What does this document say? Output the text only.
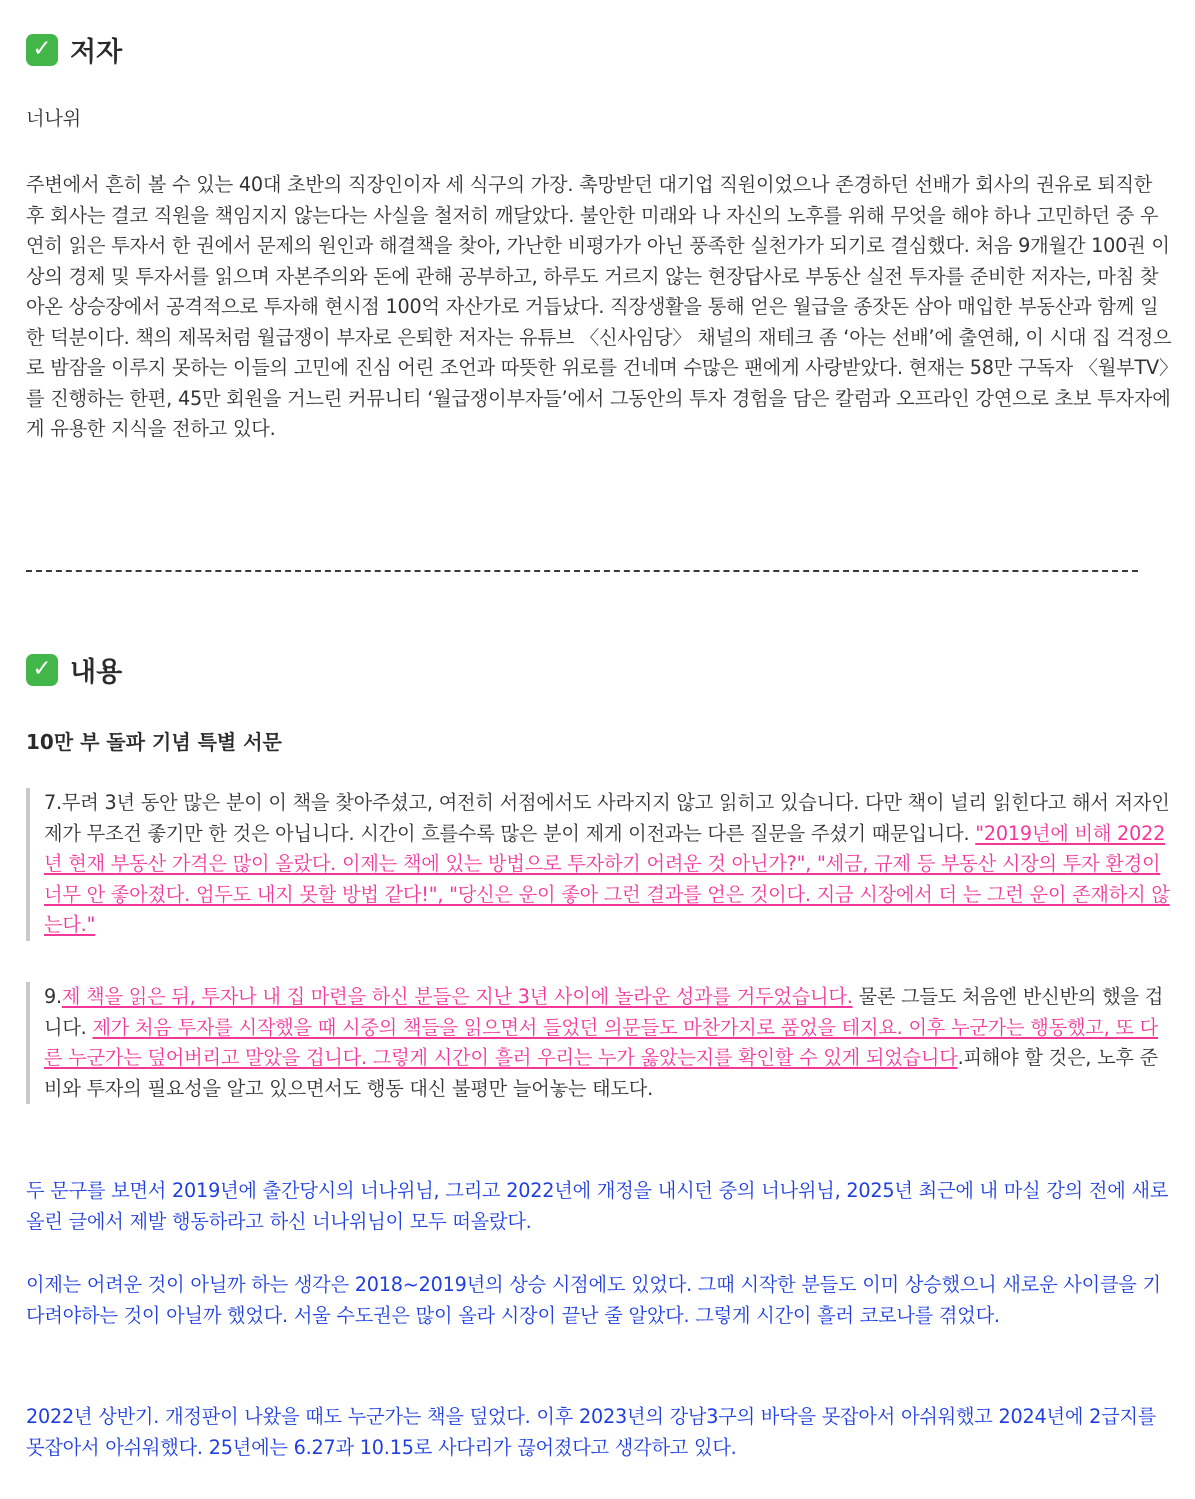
✓ 저자
너나위
주변에서 흔히 볼 수 있는 40대 초반의 직장인이자 세 식구의 가장. 촉망받던 대기업 직원이었으나 존경하던 선배가 회사의 권유로 퇴직한 후 회사는 결코 직원을 책임지지 않는다는 사실을 철저히 깨달았다. 불안한 미래와 나 자신의 노후를 위해 무엇을 해야 하나 고민하던 중 우연히 읽은 투자서 한 권에서 문제의 원인과 해결책을 찾아, 가난한 비평가가 아닌 풍족한 실천가가 되기로 결심했다. 처음 9개월간 100권 이상의 경제 및 투자서를 읽으며 자본주의와 돈에 관해 공부하고, 하루도 거르지 않는 현장답사로 부동산 실전 투자를 준비한 저자는, 마침 찾아온 상승장에서 공격적으로 투자해 현시점 100억 자산가로 거듭났다. 직장생활을 통해 얻은 월급을 종잣돈 삼아 매입한 부동산과 함께 일한 덕분이다. 책의 제목처럼 월급쟁이 부자로 은퇴한 저자는 유튜브 〈신사임당〉 채널의 재테크 좀 ‘아는 선배’에 출연해, 이 시대 집 걱정으로 밤잠을 이루지 못하는 이들의 고민에 진심 어린 조언과 따뜻한 위로를 건네며 수많은 팬에게 사랑받았다. 현재는 58만 구독자 〈월부TV〉를 진행하는 한편, 45만 회원을 거느린 커뮤니티 ‘월급쟁이부자들’에서 그동안의 투자 경험을 담은 칼럼과 오프라인 강연으로 초보 투자자에게 유용한 지식을 전하고 있다.
✓ 내용
10만 부 돌파 기념 특별 서문
7.무려 3년 동안 많은 분이 이 책을 찾아주셨고, 여전히 서점에서도 사라지지 않고 읽히고 있습니다. 다만 책이 널리 읽힌다고 해서 저자인 제가 무조건 좋기만 한 것은 아닙니다. 시간이 흐를수록 많은 분이 제게 이전과는 다른 질문을 주셨기 때문입니다. "2019년에 비해 2022년 현재 부동산 가격은 많이 올랐다. 이제는 책에 있는 방법으로 투자하기 어려운 것 아닌가?", "세금, 규제 등 부동산 시장의 투자 환경이 너무 안 좋아졌다. 엄두도 내지 못할 방법 같다!", "당신은 운이 좋아 그런 결과를 얻은 것이다. 지금 시장에서 더 는 그런 운이 존재하지 않는다."
9.제 책을 읽은 뒤, 투자나 내 집 마련을 하신 분들은 지난 3년 사이에 놀라운 성과를 거두었습니다. 물론 그들도 처음엔 반신반의 했을 겁니다. 제가 처음 투자를 시작했을 때 시중의 책들을 읽으면서 들었던 의문들도 마찬가지로 품었을 테지요. 이후 누군가는 행동했고, 또 다른 누군가는 덮어버리고 말았을 겁니다. 그렇게 시간이 흘러 우리는 누가 옳았는지를 확인할 수 있게 되었습니다.피해야 할 것은, 노후 준비와 투자의 필요성을 알고 있으면서도 행동 대신 불평만 늘어놓는 태도다.
두 문구를 보면서 2019년에 출간당시의 너나위님, 그리고 2022년에 개정을 내시던 중의 너나위님, 2025년 최근에 내 마실 강의 전에 새로 올린 글에서 제발 행동하라고 하신 너나위님이 모두 떠올랐다.
이제는 어려운 것이 아닐까 하는 생각은 2018~2019년의 상승 시점에도 있었다. 그때 시작한 분들도 이미 상승했으니 새로운 사이클을 기다려야하는 것이 아닐까 했었다. 서울 수도권은 많이 올라 시장이 끝난 줄 알았다. 그렇게 시간이 흘러 코로나를 겪었다.
2022년 상반기. 개정판이 나왔을 때도 누군가는 책을 덮었다. 이후 2023년의 강남3구의 바닥을 못잡아서 아쉬워했고 2024년에 2급지를 못잡아서 아쉬워했다. 25년에는 6.27과 10.15로 사다리가 끊어졌다고 생각하고 있다.
